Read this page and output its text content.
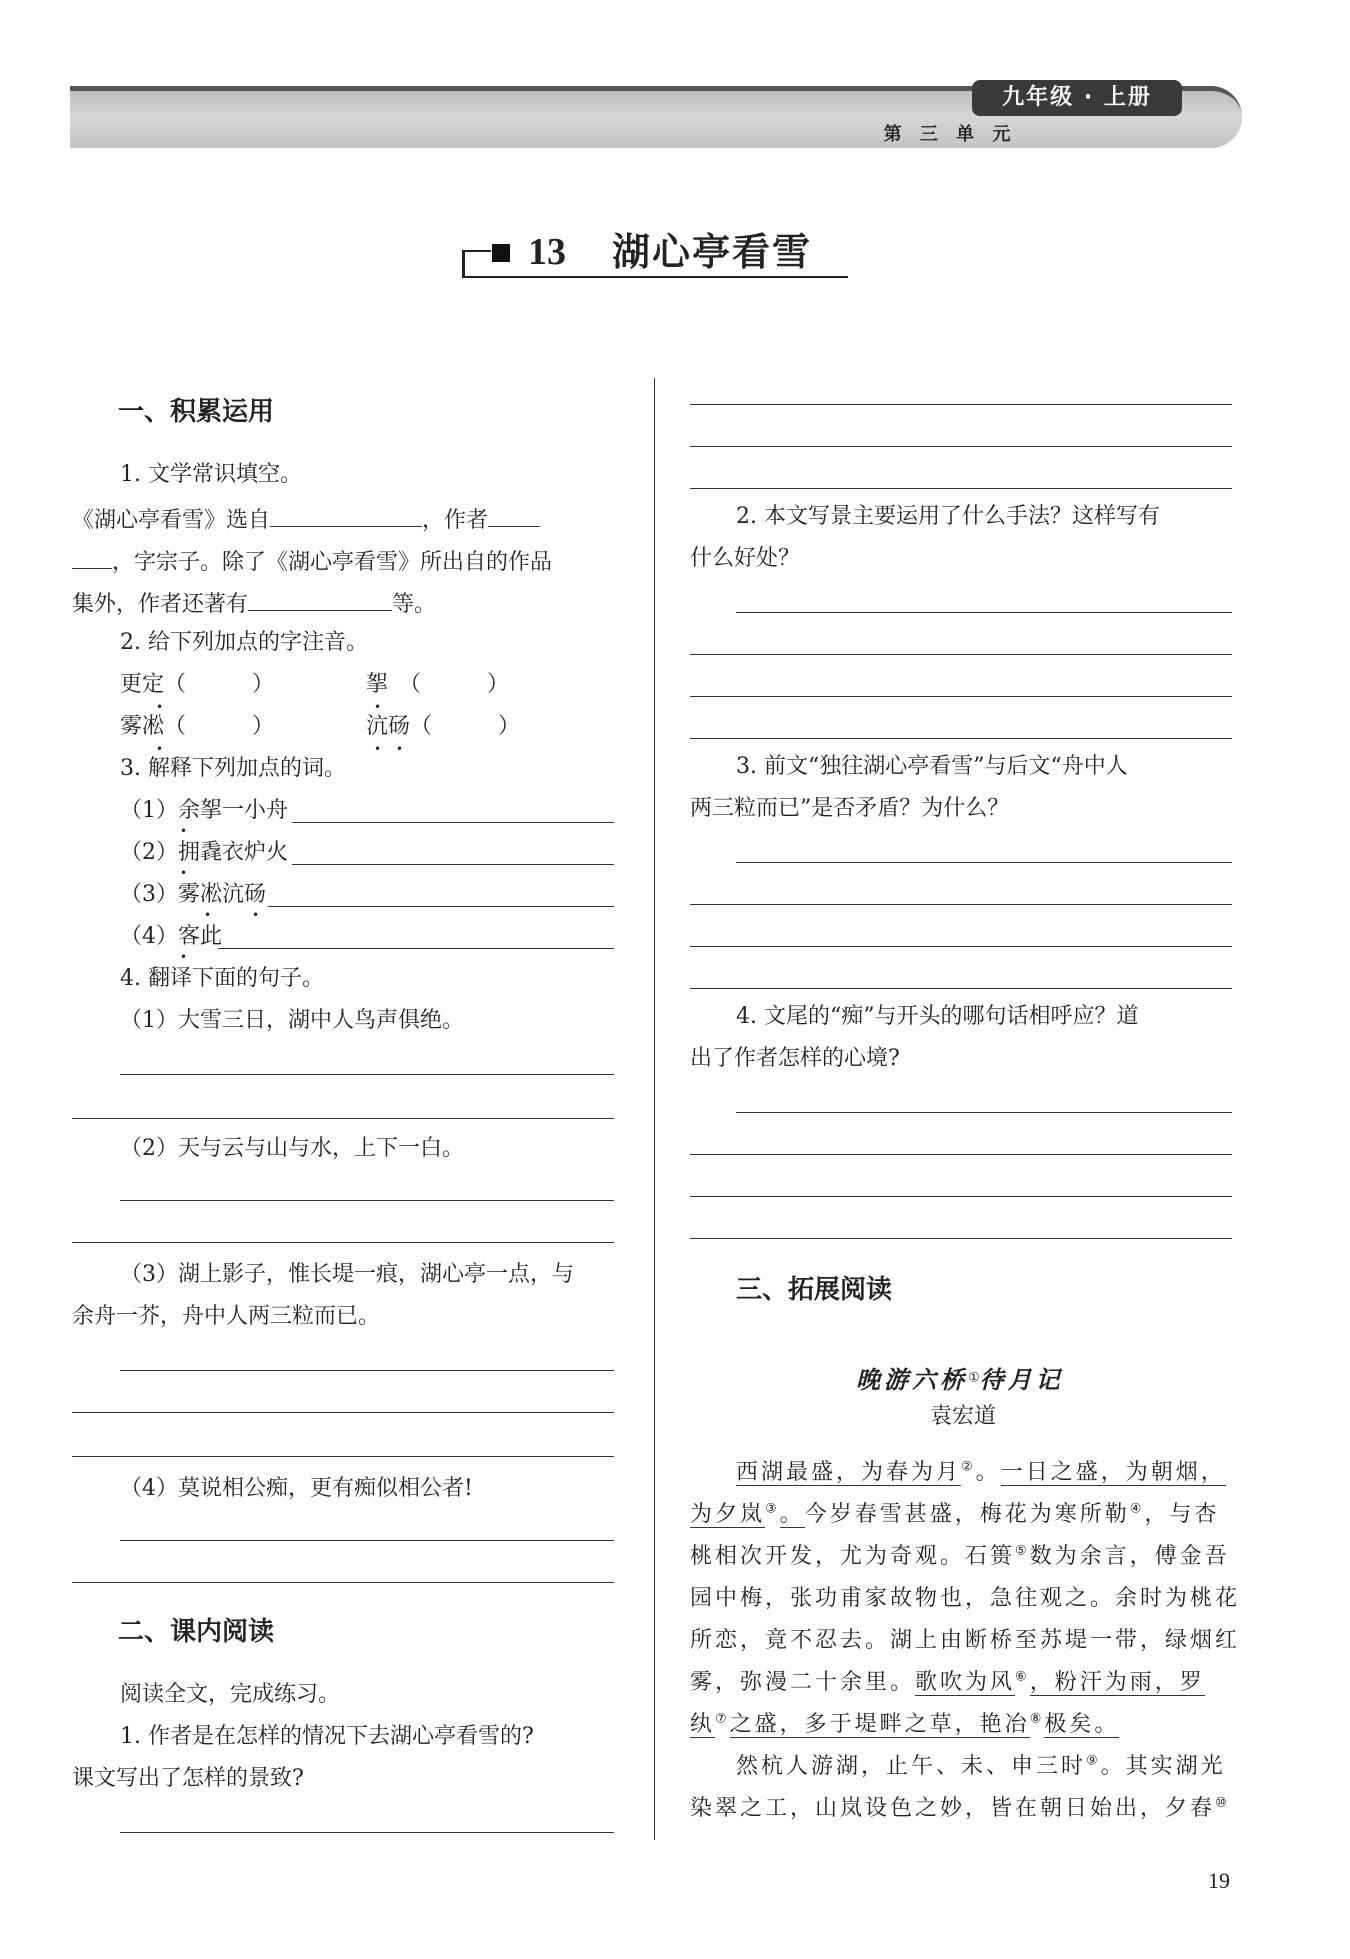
九年级 · 上册
第 三 单 元
13 湖心亭看雪
一、积累运用
1. 文学常识填空。
《湖心亭看雪》选自	，作者
，字宗子。除了《湖心亭看雪》所出自的作品
集外，作者还著有	等。
2. 给下列加点的字注音。
更定（　　　）	挐　（　　　）
雾凇（　　　）	沆砀（　　　）
•	•
•	• •
3. 解释下列加点的词。
（1）余挐一小舟
（2）拥毳衣炉火
（3）雾凇沆砀
（4）客此
•
•
•	•
•
4. 翻译下面的句子。
（1）大雪三日，湖中人鸟声俱绝。
（2）天与云与山与水，上下一白。
（3）湖上影子，惟长堤一痕，湖心亭一点，与
余舟一芥，舟中人两三粒而已。
（4）莫说相公痴，更有痴似相公者!
二、课内阅读
阅读全文，完成练习。
1. 作者是在怎样的情况下去湖心亭看雪的?
课文写出了怎样的景致?
2. 本文写景主要运用了什么手法？这样写有
什么好处？
3. 前文“独往湖心亭看雪”与后文“舟中人
两三粒而已”是否矛盾？为什么？
4. 文尾的“痴”与开头的哪句话相呼应？道
出了作者怎样的心境?
三、拓展阅读
晚游六桥①待月记
袁宏道
西湖最盛，为春为月②。一日之盛，为朝烟，
为夕岚③。今岁春雪甚盛，梅花为寒所勒④，与杏
桃相次开发，尤为奇观。石篑⑤数为余言，傅金吾
园中梅，张功甫家故物也，急往观之。余时为桃花
所恋，竟不忍去。湖上由断桥至苏堤一带，绿烟红
雾，弥漫二十余里。歌吹为风⑥，粉汗为雨，罗
纨⑦之盛，多于堤畔之草，艳冶⑧极矣。
然杭人游湖，止午、未、申三时⑨。其实湖光
染翠之工，山岚设色之妙，皆在朝日始出，夕舂⑩
19
